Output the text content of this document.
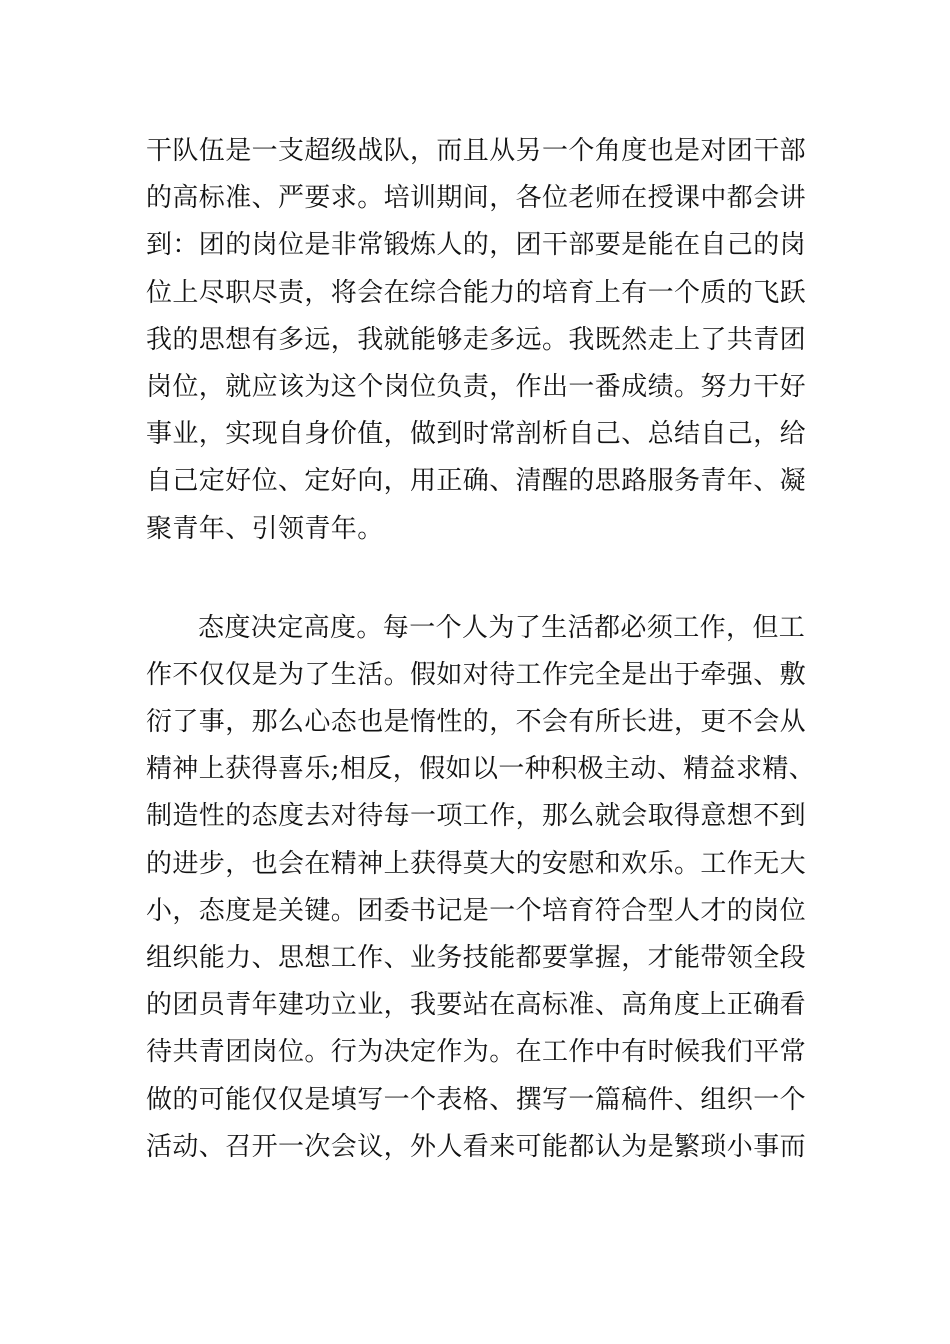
干队伍是一支超级战队，而且从另一个角度也是对团干部
的高标准、严要求。培训期间，各位老师在授课中都会讲
到：团的岗位是非常锻炼人的，团干部要是能在自己的岗
位上尽职尽责，将会在综合能力的培育上有一个质的飞跃
我的思想有多远，我就能够走多远。我既然走上了共青团
岗位，就应该为这个岗位负责，作出一番成绩。努力干好
事业，实现自身价值，做到时常剖析自己、总结自己，给
自己定好位、定好向，用正确、清醒的思路服务青年、凝
聚青年、引领青年。

态度决定高度。每一个人为了生活都必须工作，但工
作不仅仅是为了生活。假如对待工作完全是出于牵强、敷
衍了事，那么心态也是惰性的，不会有所长进，更不会从
精神上获得喜乐;相反，假如以一种积极主动、精益求精、
制造性的态度去对待每一项工作，那么就会取得意想不到
的进步，也会在精神上获得莫大的安慰和欢乐。工作无大
小，态度是关键。团委书记是一个培育符合型人才的岗位
组织能力、思想工作、业务技能都要掌握，才能带领全段
的团员青年建功立业，我要站在高标准、高角度上正确看
待共青团岗位。行为决定作为。在工作中有时候我们平常
做的可能仅仅是填写一个表格、撰写一篇稿件、组织一个
活动、召开一次会议，外人看来可能都认为是繁琐小事而
